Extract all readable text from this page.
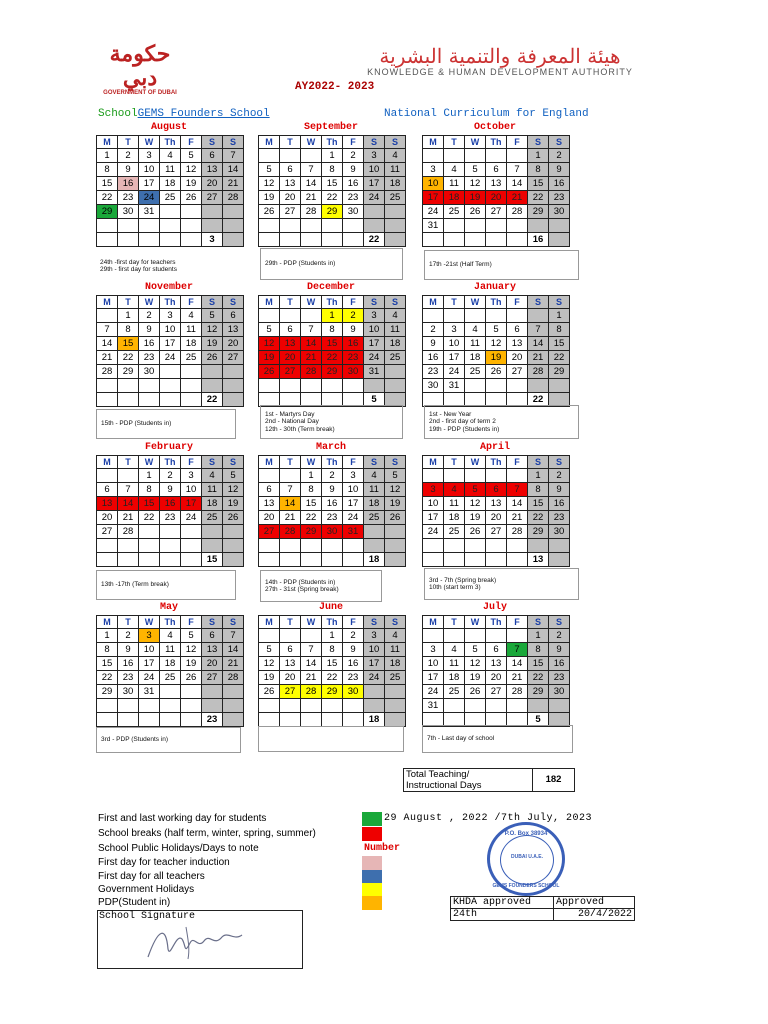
حكومة دبي
GOVERNMENT OF DUBAI
هيئة المعرفة والتنمية البشرية
KNOWLEDGE & HUMAN DEVELOPMENT AUTHORITY
AY2022- 2023
SchoolGEMS Founders School	National Curriculum for England
August
M	T	W	Th	F	S	S
1	2	3	4	5	6	7
8	9	10	11	12	13	14
15	16	17	18	19	20	21
22	23	24	25	26	27	28
29	30	31				

					3	
24th -first day for teachers
29th - first day for students
September
M	T	W	Th	F	S	S
			1	2	3	4
5	6	7	8	9	10	11
12	13	14	15	16	17	18
19	20	21	22	23	24	25
26	27	28	29	30		

					22	
29th - PDP (Students in)
October
M	T	W	Th	F	S	S
					1	2
3	4	5	6	7	8	9
10	11	12	13	14	15	16
17	18	19	20	21	22	23
24	25	26	27	28	29	30
31						
					16	
17th -21st (Half Term)
November
M	T	W	Th	F	S	S
	1	2	3	4	5	6
7	8	9	10	11	12	13
14	15	16	17	18	19	20
21	22	23	24	25	26	27
28	29	30				

					22	
15th - PDP (Students in)
December
M	T	W	Th	F	S	S
			1	2	3	4
5	6	7	8	9	10	11
12	13	14	15	16	17	18
19	20	21	22	23	24	25
26	27	28	29	30	31	

					5	
1st - Martyrs Day
2nd - National Day
12th - 30th (Term break)
January
M	T	W	Th	F	S	S
						1
2	3	4	5	6	7	8
9	10	11	12	13	14	15
16	17	18	19	20	21	22
23	24	25	26	27	28	29
30	31					
					22	
1st - New Year
2nd - first day of term 2
19th - PDP (Students in)
February
M	T	W	Th	F	S	S
		1	2	3	4	5
6	7	8	9	10	11	12
13	14	15	16	17	18	19
20	21	22	23	24	25	26
27	28					

					15	
13th -17th (Term break)
March
M	T	W	Th	F	S	S
		1	2	3	4	5
6	7	8	9	10	11	12
13	14	15	16	17	18	19
20	21	22	23	24	25	26
27	28	29	30	31		

					18	
14th - PDP (Students in)
27th - 31st (Spring break)
April
M	T	W	Th	F	S	S
					1	2
3	4	5	6	7	8	9
10	11	12	13	14	15	16
17	18	19	20	21	22	23
24	25	26	27	28	29	30

					13	
3rd - 7th (Spring break)
10th (start term 3)
May
M	T	W	Th	F	S	S
1	2	3	4	5	6	7
8	9	10	11	12	13	14
15	16	17	18	19	20	21
22	23	24	25	26	27	28
29	30	31				

					23	
3rd - PDP (Students in)
June
M	T	W	Th	F	S	S
			1	2	3	4
5	6	7	8	9	10	11
12	13	14	15	16	17	18
19	20	21	22	23	24	25
26	27	28	29	30		

					18	
July
M	T	W	Th	F	S	S
					1	2
3	4	5	6	7	8	9
10	11	12	13	14	15	16
17	18	19	20	21	22	23
24	25	26	27	28	29	30
31						
					5	
7th - Last day of school
Total Teaching/
Instructional Days
182
First and last working day for students
School breaks (half term, winter, spring, summer)
School Public Holidays/Days to note
First day for teacher induction
First day for all teachers
Government Holidays
PDP(Student in)
29 August , 2022 /7th July, 2023
Number
P.O. Box 38934
DUBAI U.A.E.
GEMS FOUNDERS SCHOOL
KHDA approved	Approved
24th	20/4/2022
School Signature
